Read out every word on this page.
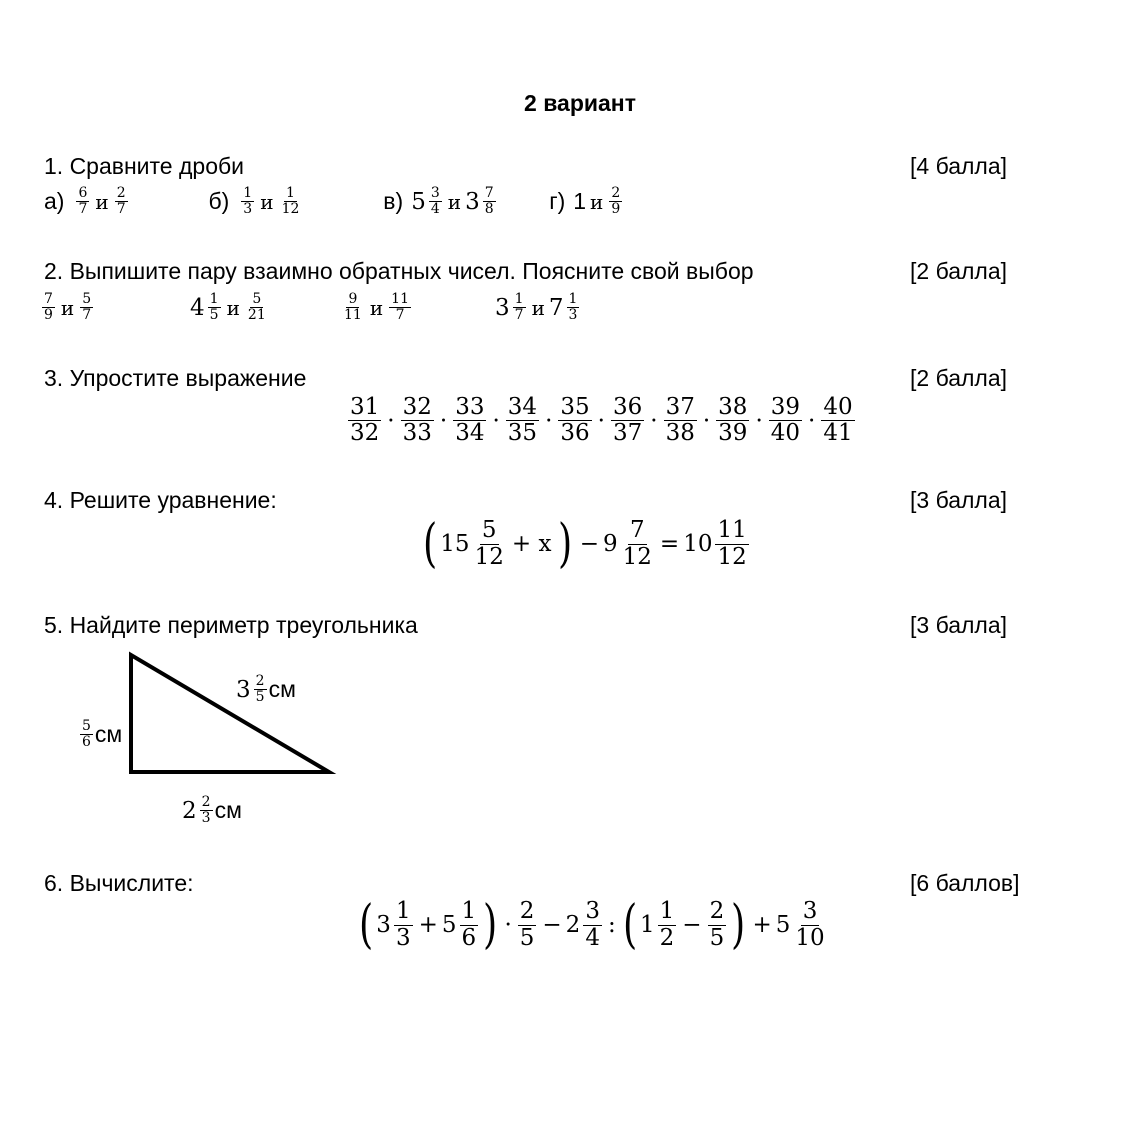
2 вариант
1. Сравните дроби	[4 балла]
$а) \frac{6}{7}$ и $\frac{2}{7}$	$б) \frac{1}{3}$ и $\frac{1}{12}$	в) $5 \frac{3}{4}$ и $3 \frac{7}{8} г$) 1 и $\frac{2}{9}$
2. Выпишите пару взаимно обратных чисел. Поясните свой выбор	[2 балла]
$\frac{7}{9}$ и $\frac{5}{7}$	$4 \frac{1}{5}$ и $\frac{5}{21}$	$\frac{9}{11}$ и $\frac{11}{7}$	$3 \frac{1}{7}$ и $7 \frac{1}{3}$
3. Упростите выражение	[2 балла]
$\frac{31}{32} \cdot \frac{32}{33} \cdot \frac{33}{34} \cdot \frac{34}{35} \cdot \frac{35}{36} \cdot \frac{36}{37} \cdot \frac{37}{38} \cdot \frac{38}{39} \cdot \frac{39}{40} \cdot \frac{40}{41}$
4. Решите уравнение:	[3 балла]
( $15 \frac{5}{12} + x$ ) − $9 \frac{7}{12} = 10 \frac{11}{12}$
5. Найдите периметр треугольника	[3 балла]
$3 \frac{2}{5}$ см
$\frac{5}{6}$ см
$2 \frac{2}{3}$ см
6. Вычислите:	[6 баллов]
( $3 \frac{1}{3} + 5 \frac{1}{6}$ ) · $\frac{2}{5} - 2 \frac{3}{4}$ : ( $1 \frac{1}{2} - \frac{2}{5}$ ) + $5 \frac{3}{10}$
